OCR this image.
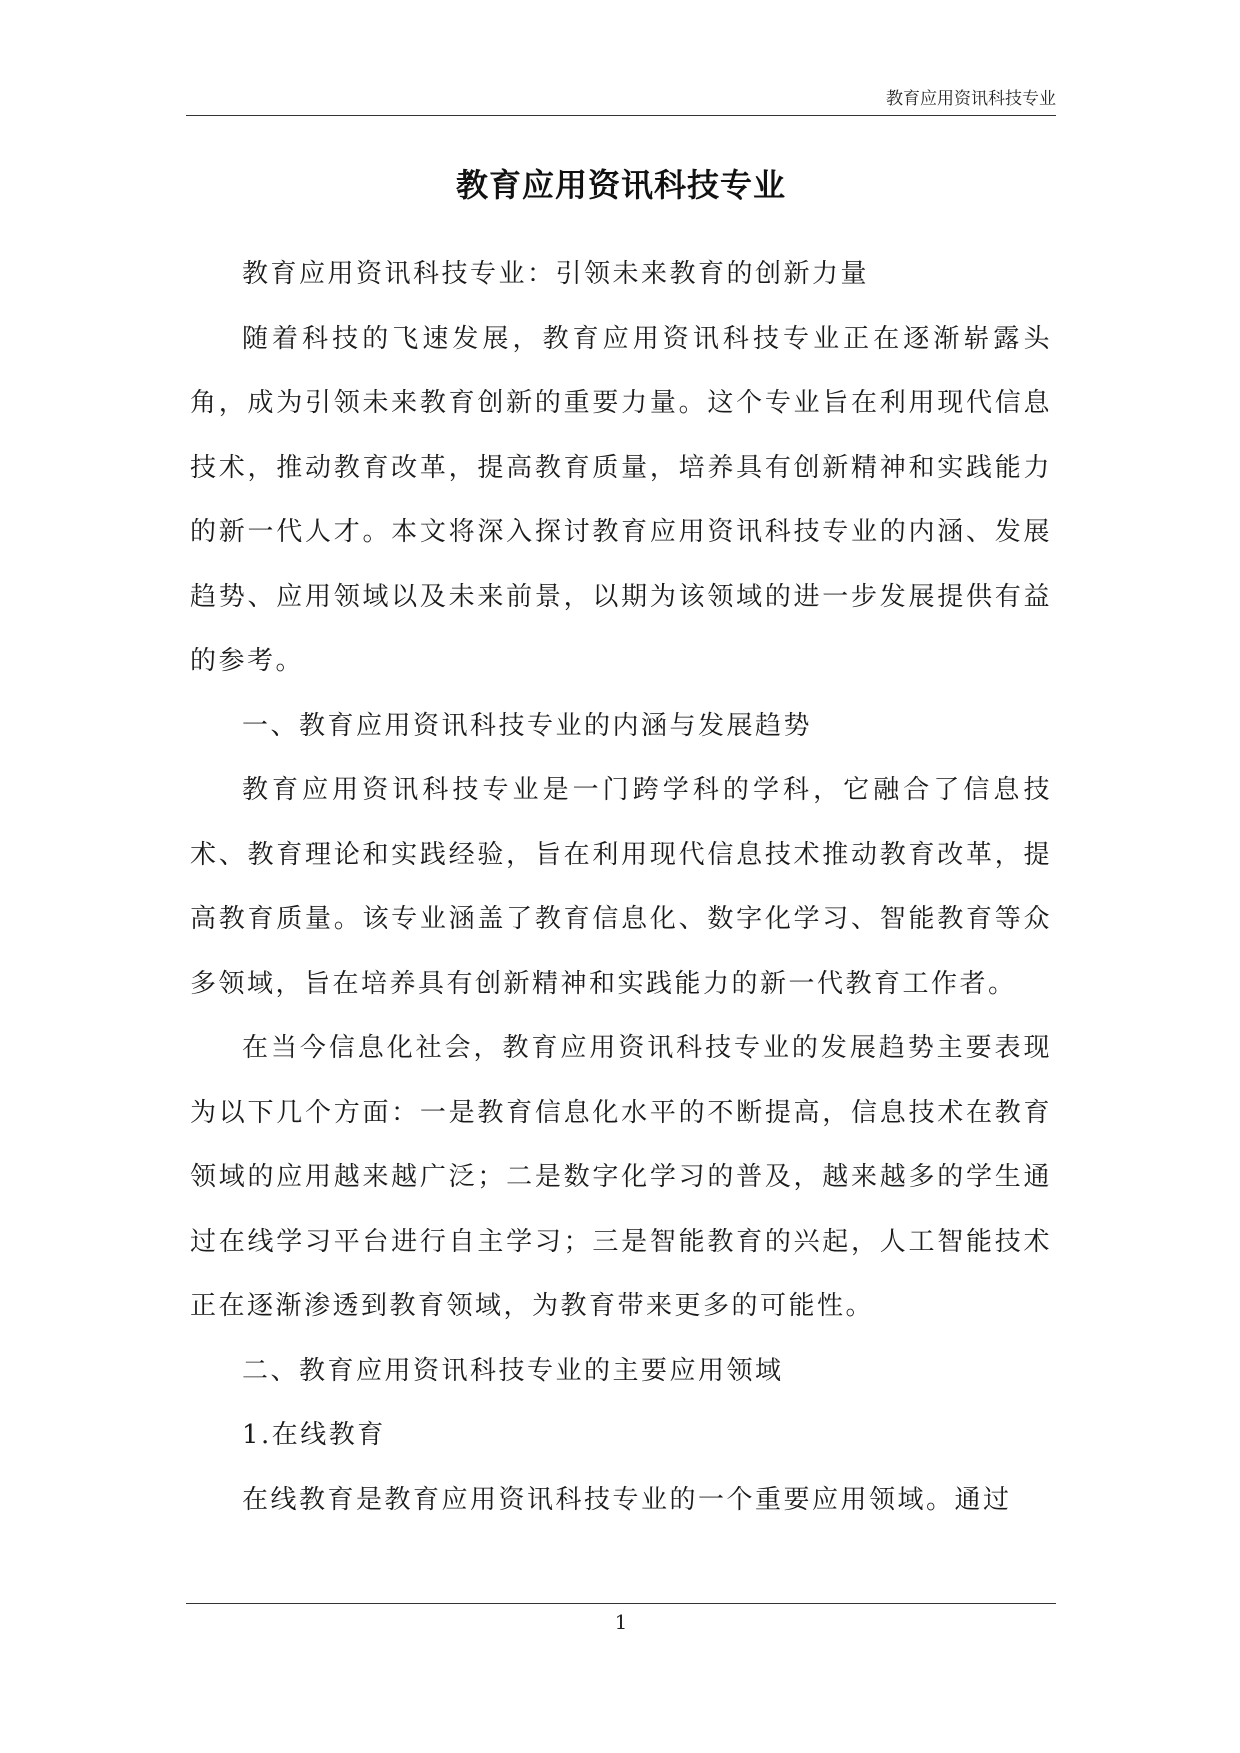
教育应用资讯科技专业
教育应用资讯科技专业

教育应用资讯科技专业：引领未来教育的创新力量

随着科技的飞速发展，教育应用资讯科技专业正在逐渐崭露头角，成为引领未来教育创新的重要力量。这个专业旨在利用现代信息技术，推动教育改革，提高教育质量，培养具有创新精神和实践能力的新一代人才。本文将深入探讨教育应用资讯科技专业的内涵、发展趋势、应用领域以及未来前景，以期为该领域的进一步发展提供有益的参考。

一、教育应用资讯科技专业的内涵与发展趋势

教育应用资讯科技专业是一门跨学科的学科，它融合了信息技术、教育理论和实践经验，旨在利用现代信息技术推动教育改革，提高教育质量。该专业涵盖了教育信息化、数字化学习、智能教育等众多领域，旨在培养具有创新精神和实践能力的新一代教育工作者。

在当今信息化社会，教育应用资讯科技专业的发展趋势主要表现为以下几个方面：一是教育信息化水平的不断提高，信息技术在教育领域的应用越来越广泛；二是数字化学习的普及，越来越多的学生通过在线学习平台进行自主学习；三是智能教育的兴起，人工智能技术正在逐渐渗透到教育领域，为教育带来更多的可能性。

二、教育应用资讯科技专业的主要应用领域

1.在线教育

在线教育是教育应用资讯科技专业的一个重要应用领域。通过

1
